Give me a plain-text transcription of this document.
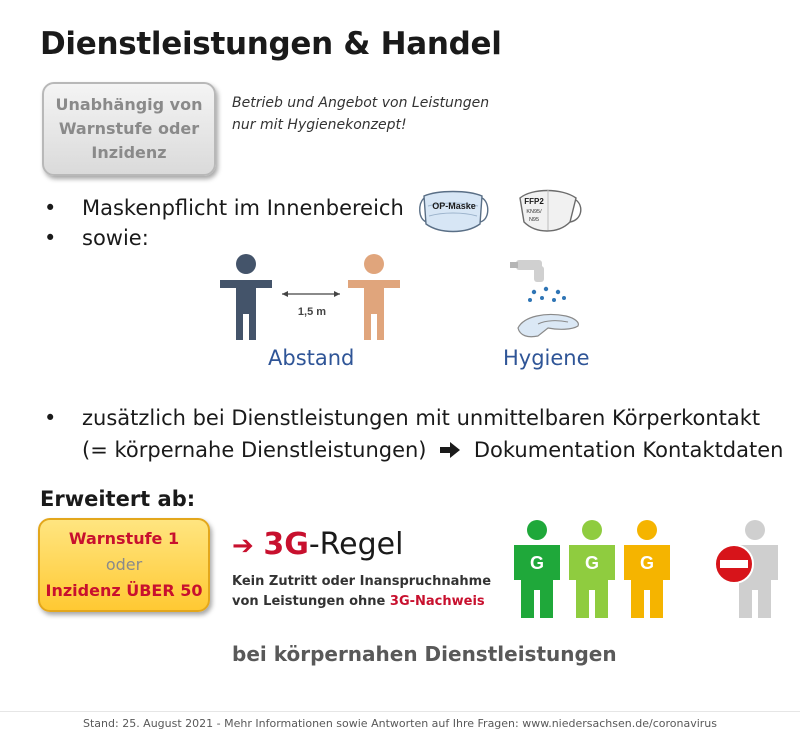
Dienstleistungen & Handel
Unabhängig von
Warnstufe oder
Inzidenz
Betrieb und Angebot von Leistungen
nur mit Hygienekonzept!
• Maskenpflicht im Innenbereich
• sowie:
OP-Maske	FFP2
KN95/
N95
1,5 m
Abstand	Hygiene
• zusätzlich bei Dienstleistungen mit unmittelbaren Körperkontakt
(= körpernahe Dienstleistungen) Dokumentation Kontaktdaten
Erweitert ab:
Warnstufe 1
oder
Inzidenz ÜBER 50
➔ 3G-Regel
Kein Zutritt oder Inanspruchnahme
von Leistungen ohne 3G-Nachweis
G G G
bei körpernahen Dienstleistungen
Stand: 25. August 2021 - Mehr Informationen sowie Antworten auf Ihre Fragen: www.niedersachsen.de/coronavirus
